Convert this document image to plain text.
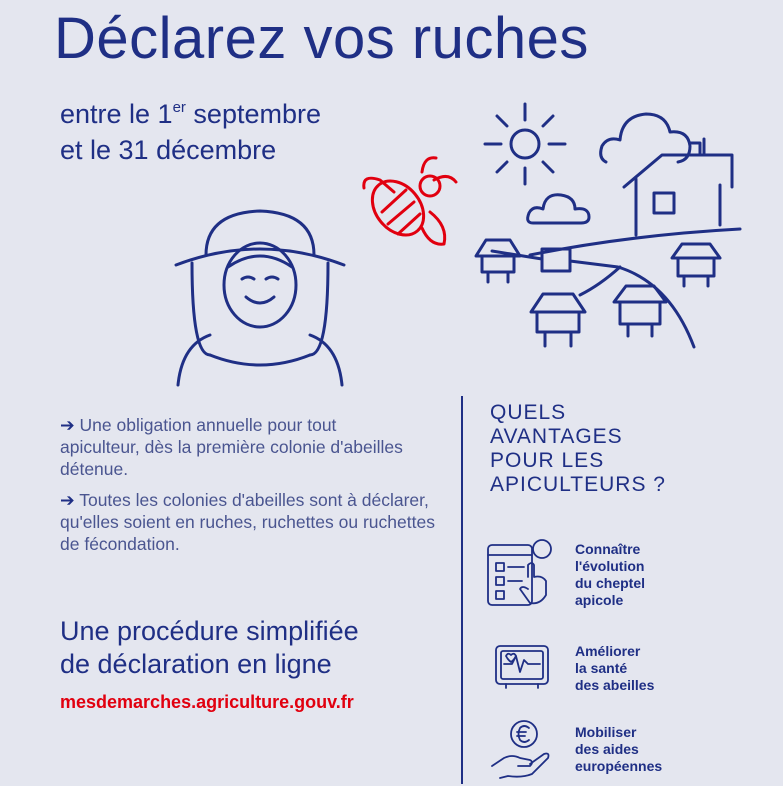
Déclarez vos ruches
entre le 1er septembre
et le 31 décembre
➔ Une obligation annuelle pour tout apiculteur, dès la première colonie d'abeilles détenue.
➔ Toutes les colonies d'abeilles sont à déclarer, qu'elles soient en ruches, ruchettes ou ruchettes de fécondation.
Une procédure simplifiée
de déclaration en ligne
mesdemarches.agriculture.gouv.fr
QUELS
AVANTAGES
POUR LES
APICULTEURS ?
Connaître
l'évolution
du cheptel
apicole
Améliorer
la santé
des abeilles
Mobiliser
des aides
européennes
